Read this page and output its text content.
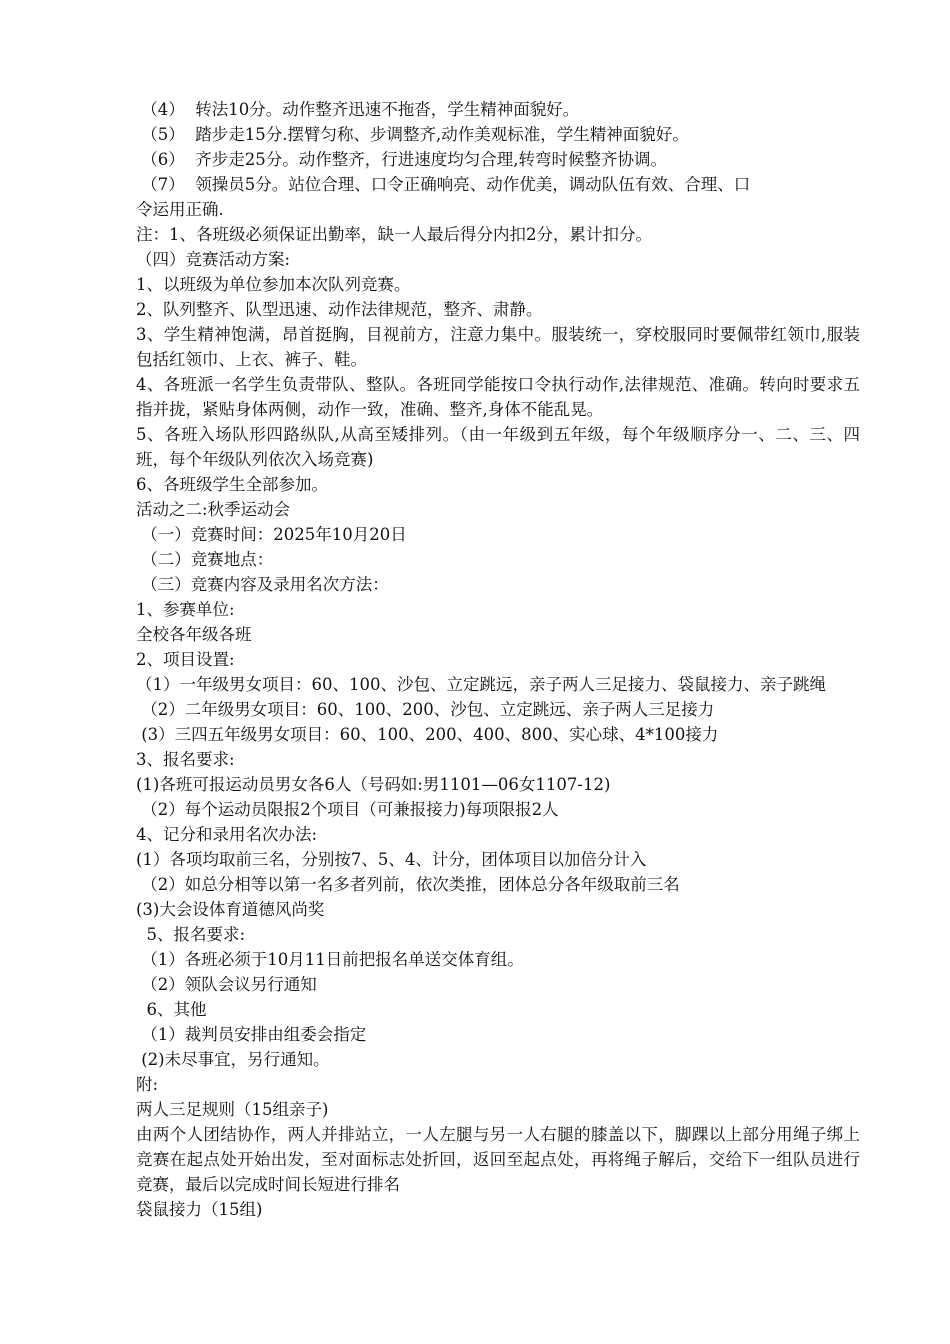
（4）  转法10分。动作整齐迅速不拖沓，学生精神面貌好。

（5）  踏步走15分.摆臂匀称、步调整齐,动作美观标准，学生精神面貌好。

（6）  齐步走25分。动作整齐，行进速度均匀合理,转弯时候整齐协调。

（7）  领操员5分。站位合理、口令正确响亮、动作优美，调动队伍有效、合理、口

令运用正确.

注：1、各班级必须保证出勤率，缺一人最后得分内扣2分，累计扣分。

（四）竞赛活动方案:

1、以班级为单位参加本次队列竞赛。

2、队列整齐、队型迅速、动作法律规范，整齐、肃静。

3、学生精神饱满，昂首挺胸，目视前方，注意力集中。服装统一，穿校服同时要佩带红领巾,服装包括红领巾、上衣、裤子、鞋。

4、各班派一名学生负责带队、整队。各班同学能按口令执行动作,法律规范、准确。转向时要求五指并拢，紧贴身体两侧，动作一致，准确、整齐,身体不能乱晃。

5、各班入场队形四路纵队,从高至矮排列。（由一年级到五年级，每个年级顺序分一、二、三、四班，每个年级队列依次入场竞赛)

6、各班级学生全部参加。

活动之二:秋季运动会

（一）竞赛时间：2025年10月20日

（二）竞赛地点：

（三）竞赛内容及录用名次方法：

1、参赛单位:

全校各年级各班

2、项目设置:

（1）一年级男女项目：60、100、沙包、立定跳远，亲子两人三足接力、袋鼠接力、亲子跳绳

（2）二年级男女项目：60、100、200、沙包、立定跳远、亲子两人三足接力

(3）三四五年级男女项目：60、100、200、400、800、实心球、4*100接力

3、报名要求:

(1)各班可报运动员男女各6人（号码如:男1101—06女1107-12)

（2）每个运动员限报2个项目（可兼报接力)每项限报2人

4、记分和录用名次办法:

(1）各项均取前三名，分别按7、5、4、计分，团体项目以加倍分计入

（2）如总分相等以第一名多者列前，依次类推，团体总分各年级取前三名

(3)大会设体育道德风尚奖

5、报名要求:

（1）各班必须于10月11日前把报名单送交体育组。

（2）领队会议另行通知

6、其他

（1）裁判员安排由组委会指定

(2)未尽事宜，另行通知。

附:

两人三足规则（15组亲子)

由两个人团结协作，两人并排站立，一人左腿与另一人右腿的膝盖以下，脚踝以上部分用绳子绑上 竞赛在起点处开始出发，至对面标志处折回，返回至起点处，再将绳子解后，交给下一组队员进行竞赛，最后以完成时间长短进行排名

袋鼠接力（15组)
